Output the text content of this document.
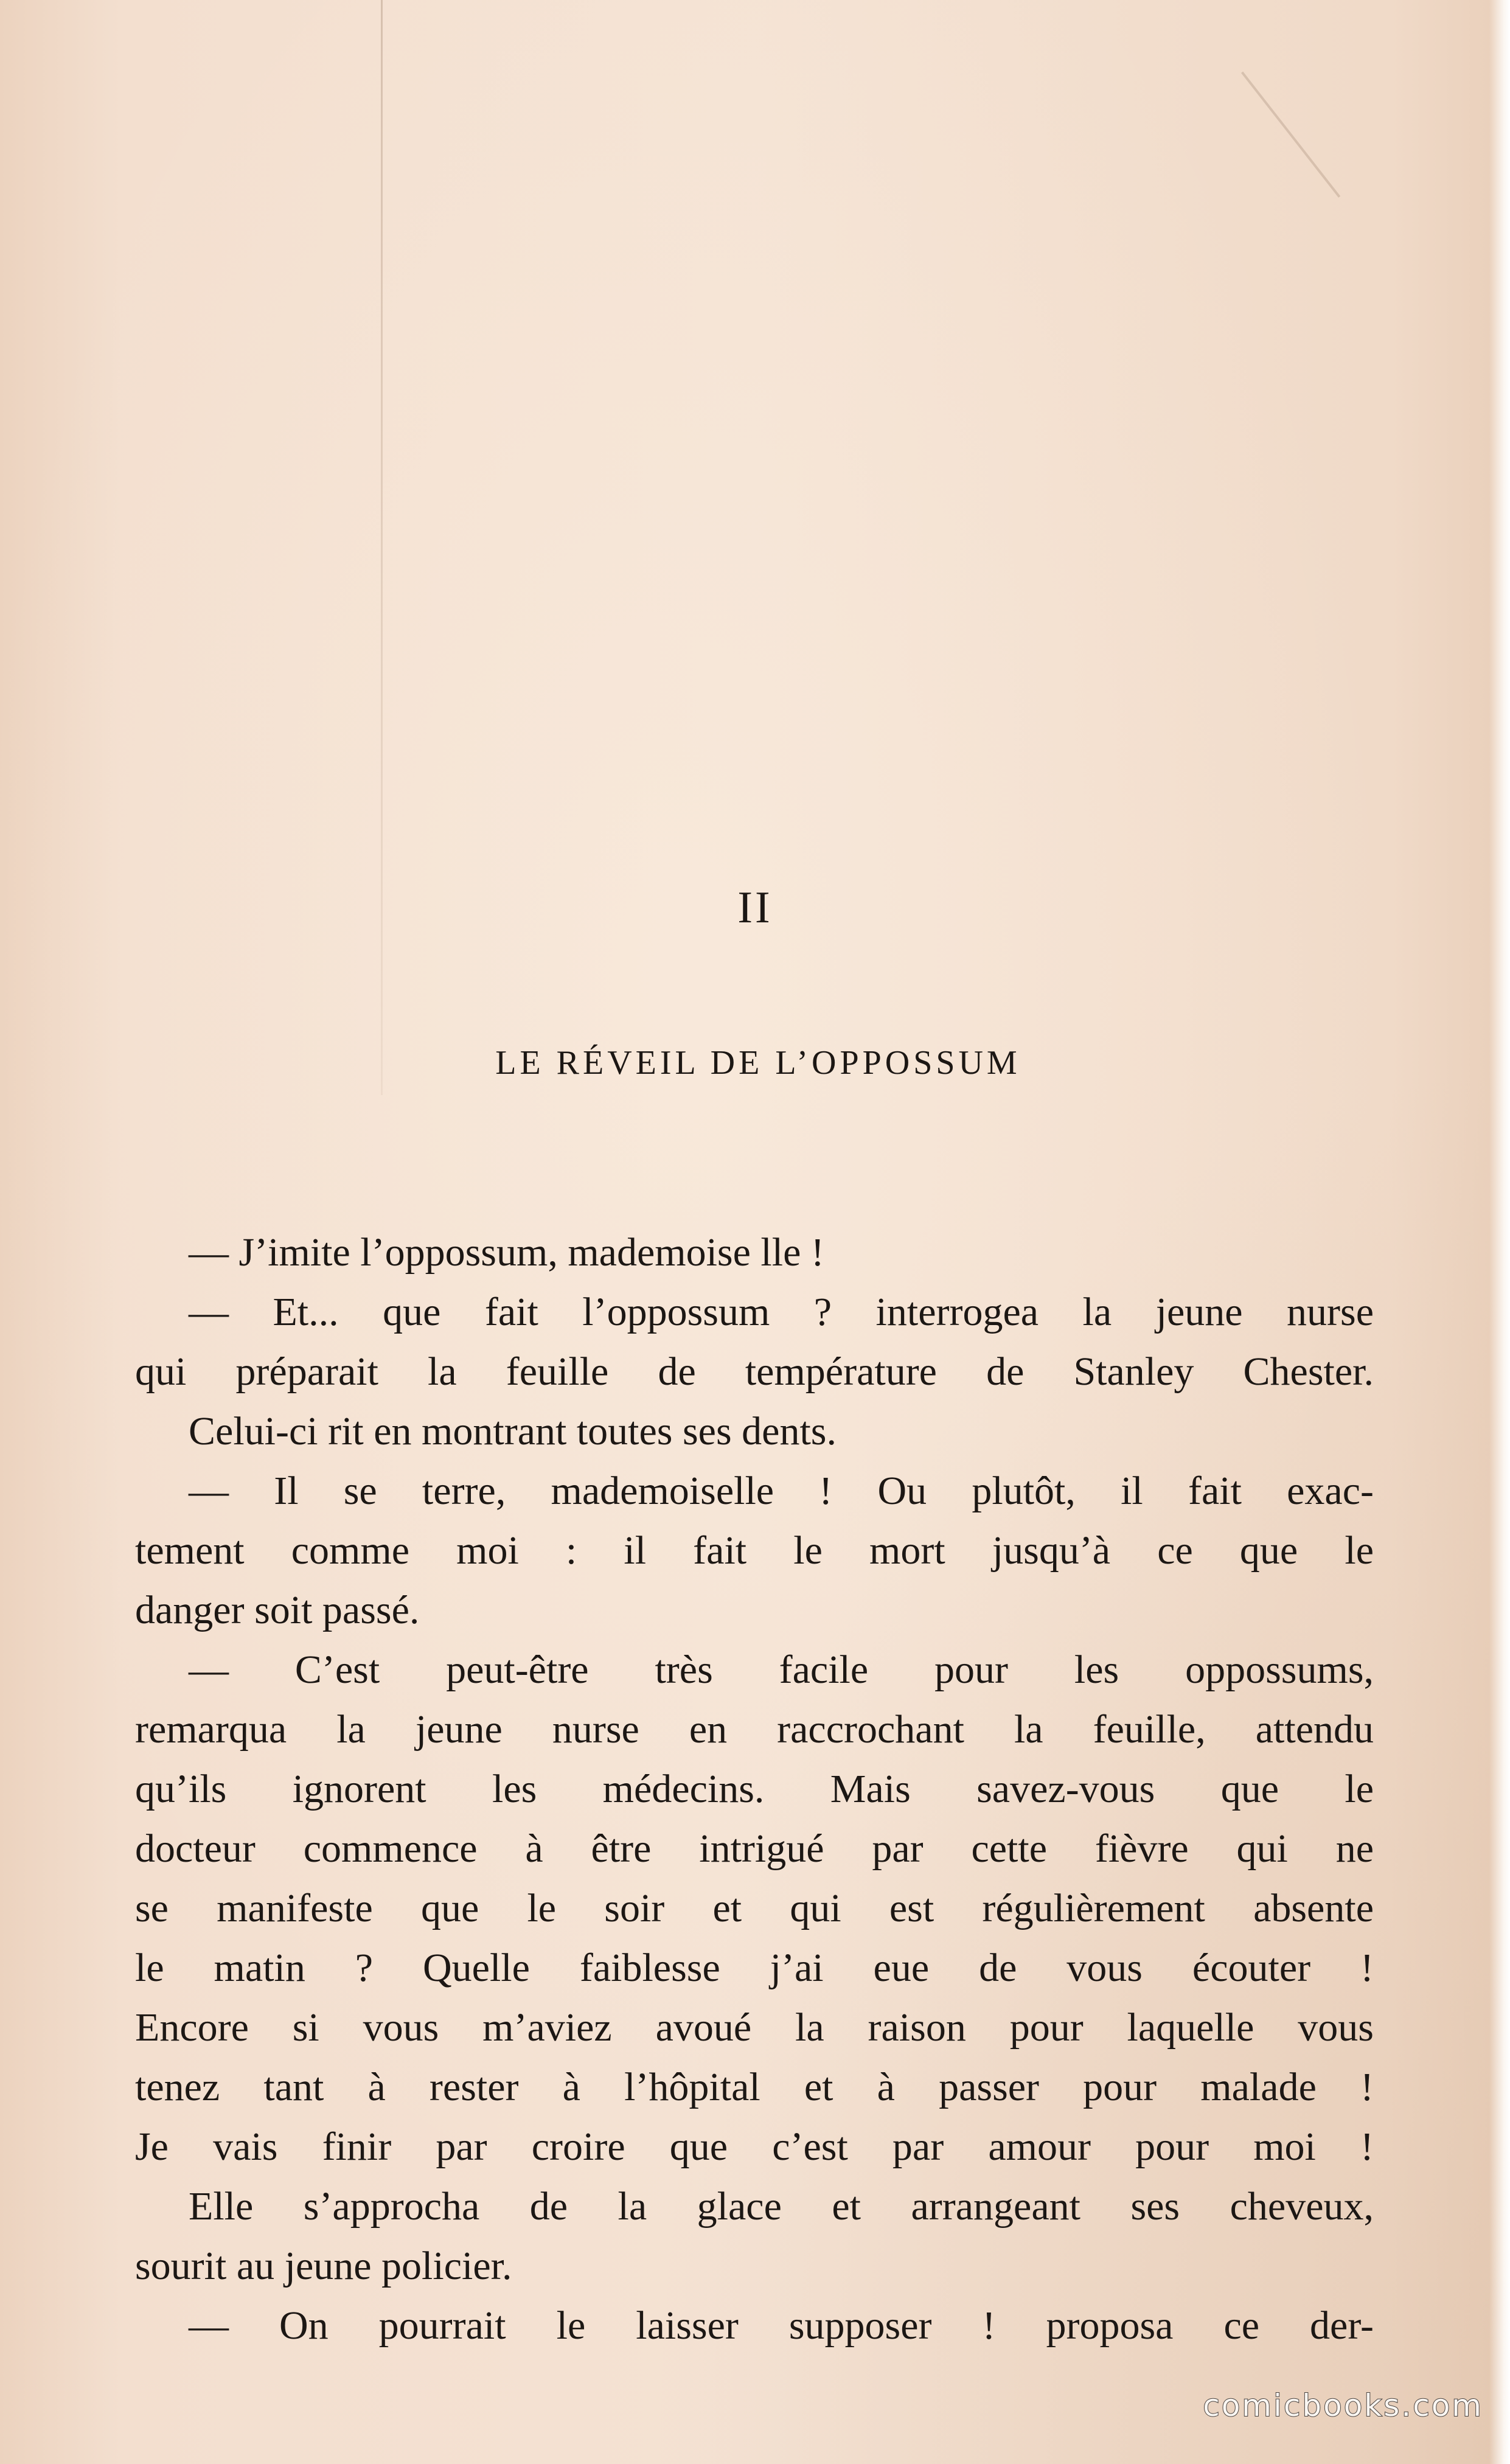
II
LE RÉVEIL DE L’OPPOSSUM
— J’imite l’oppossum, mademoise lle !
— Et... que fait l’oppossum ? interrogea la jeune nurse
qui préparait la feuille de température de Stanley Chester.
Celui-ci rit en montrant toutes ses dents.
— Il se terre, mademoiselle ! Ou plutôt, il fait exac-
tement comme moi : il fait le mort jusqu’à ce que le
danger soit passé.
— C’est peut-être très facile pour les oppossums,
remarqua la jeune nurse en raccrochant la feuille, attendu
qu’ils ignorent les médecins. Mais savez-vous que le
docteur commence à être intrigué par cette fièvre qui ne
se manifeste que le soir et qui est régulièrement absente
le matin ? Quelle faiblesse j’ai eue de vous écouter !
Encore si vous m’aviez avoué la raison pour laquelle vous
tenez tant à rester à l’hôpital et à passer pour malade !
Je vais finir par croire que c’est par amour pour moi !
Elle s’approcha de la glace et arrangeant ses cheveux,
sourit au jeune policier.
— On pourrait le laisser supposer ! proposa ce der-
comicbooks.com
